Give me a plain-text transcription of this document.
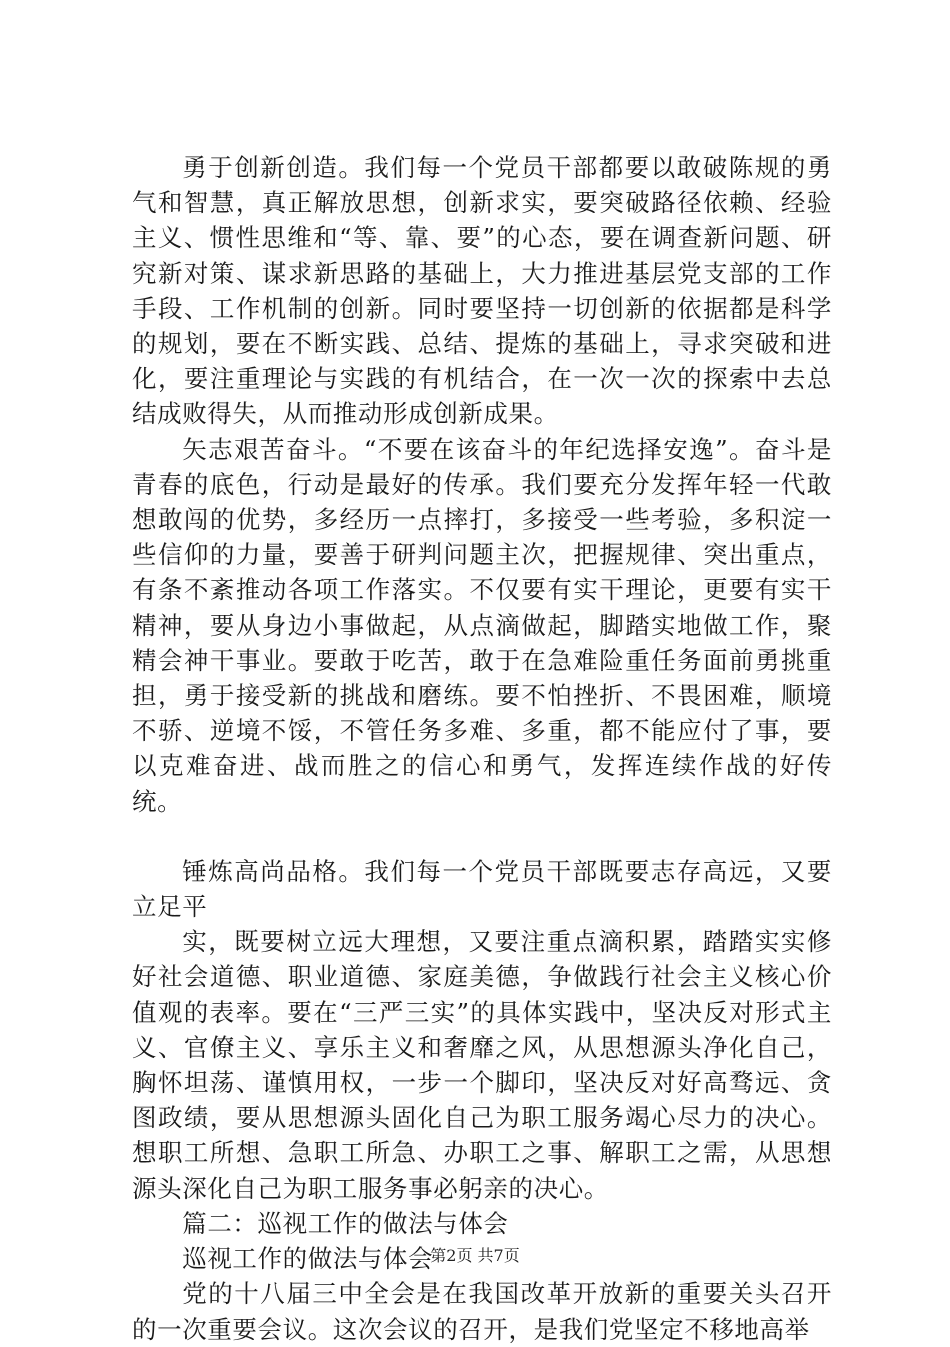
勇于创新创造。我们每一个党员干部都要以敢破陈规的勇气和智慧，真正解放思想，创新求实，要突破路径依赖、经验主义、惯性思维和“等、靠、要”的心态，要在调查新问题、研究新对策、谋求新思路的基础上，大力推进基层党支部的工作手段、工作机制的创新。同时要坚持一切创新的依据都是科学的规划，要在不断实践、总结、提炼的基础上，寻求突破和进化，要注重理论与实践的有机结合，在一次一次的探索中去总结成败得失，从而推动形成创新成果。

矢志艰苦奋斗。“不要在该奋斗的年纪选择安逸”。奋斗是青春的底色，行动是最好的传承。我们要充分发挥年轻一代敢想敢闯的优势，多经历一点摔打，多接受一些考验，多积淀一些信仰的力量，要善于研判问题主次，把握规律、突出重点，有条不紊推动各项工作落实。不仅要有实干理论，更要有实干精神，要从身边小事做起，从点滴做起，脚踏实地做工作，聚精会神干事业。要敢于吃苦，敢于在急难险重任务面前勇挑重担，勇于接受新的挑战和磨练。要不怕挫折、不畏困难，顺境不骄、逆境不馁，不管任务多难、多重，都不能应付了事，要以克难奋进、战而胜之的信心和勇气，发挥连续作战的好传统。

锤炼高尚品格。我们每一个党员干部既要志存高远，又要立足平

实，既要树立远大理想，又要注重点滴积累，踏踏实实修好社会道德、职业道德、家庭美德，争做践行社会主义核心价值观的表率。要在“三严三实”的具体实践中，坚决反对形式主义、官僚主义、享乐主义和奢靡之风，从思想源头净化自己，胸怀坦荡、谨慎用权，一步一个脚印，坚决反对好高骛远、贪图政绩，要从思想源头固化自己为职工服务竭心尽力的决心。想职工所想、急职工所急、办职工之事、解职工之需，从思想源头深化自己为职工服务事必躬亲的决心。

篇二：巡视工作的做法与体会

巡视工作的做法与体会

党的十八届三中全会是在我国改革开放新的重要关头召开的一次重要会议。这次会议的召开，是我们党坚定不移地高举

第2页 共7页
